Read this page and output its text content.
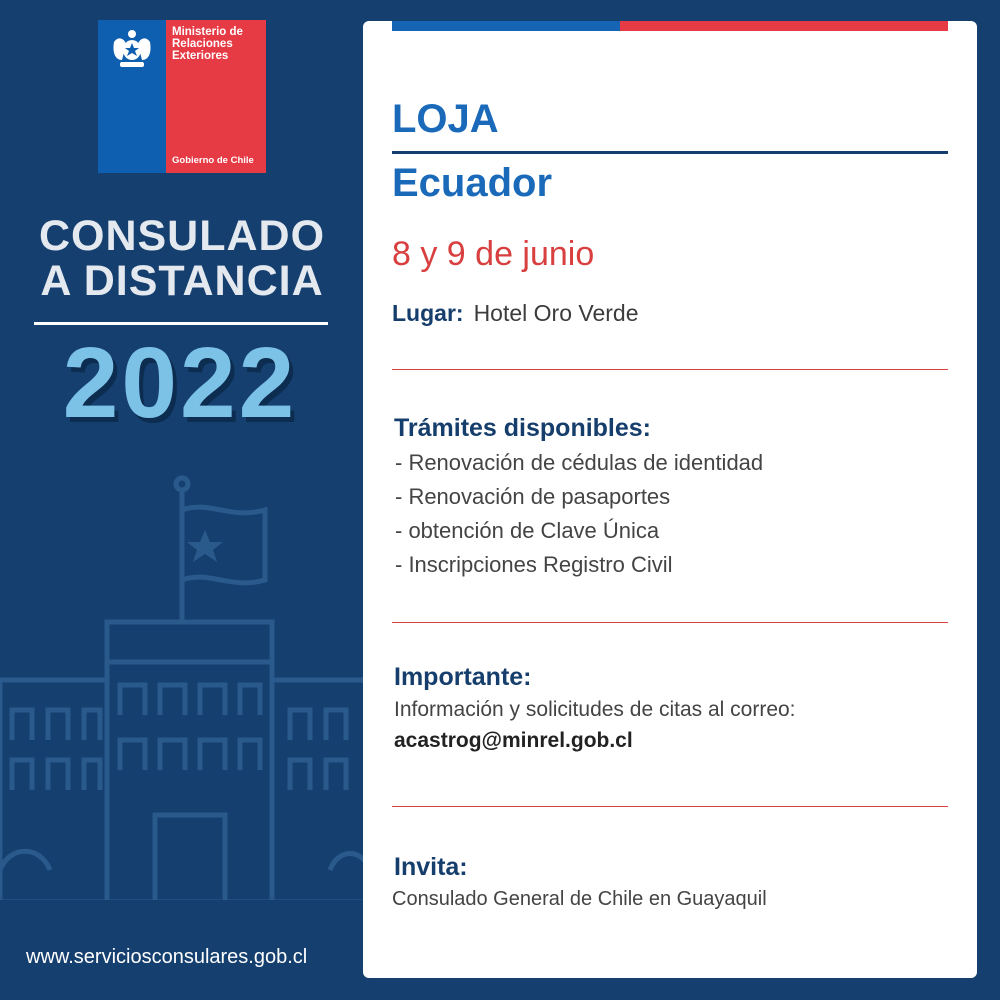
Ministerio de Relaciones Exteriores
Gobierno de Chile
CONSULADO
A DISTANCIA
2022
www.serviciosconsulares.gob.cl
LOJA
Ecuador
8 y 9 de junio
Lugar: Hotel Oro Verde
Trámites disponibles:
- Renovación de cédulas de identidad
- Renovación de pasaportes
- obtención de Clave Única
- Inscripciones Registro Civil
Importante:
Información y solicitudes de citas al correo:
acastrog@minrel.gob.cl
Invita:
Consulado General de Chile en Guayaquil
